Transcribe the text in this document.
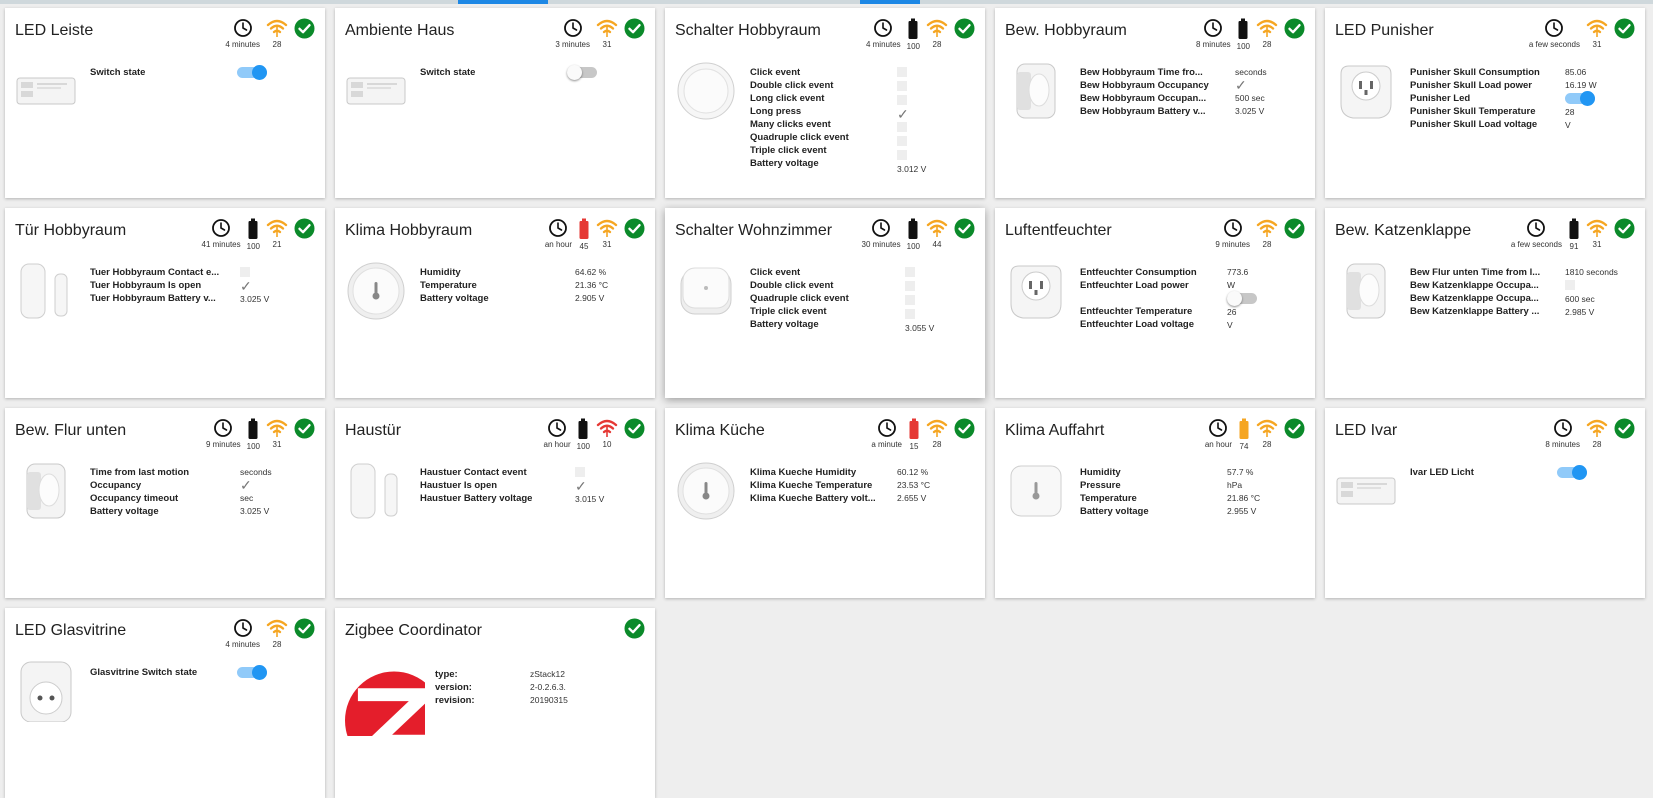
LED Leiste
4 minutes 28
Switch state
Ambiente Haus
3 minutes 31
Switch state
Schalter Hobbyraum
4 minutes 100 28
Click event
Double click event
Long click event
Long press
Many clicks event
Quadruple click event
Triple click event
Battery voltage
✓
3.012 V
Bew. Hobbyraum
8 minutes 100 28
Bew Hobbyraum Time fro...
Bew Hobbyraum Occupancy
Bew Hobbyraum Occupan...
Bew Hobbyraum Battery v...
seconds
✓
500 sec
3.025 V
LED Punisher
a few seconds 31
Punisher Skull Consumption
Punisher Skull Load power
Punisher Led
Punisher Skull Temperature
Punisher Skull Load voltage
85.06
16.19 W
28
V
Tür Hobbyraum
41 minutes 100 21
Tuer Hobbyraum Contact e...
Tuer Hobbyraum Is open
Tuer Hobbyraum Battery v...
✓
3.025 V
Klima Hobbyraum
an hour 45 31
Humidity
Temperature
Battery voltage
64.62 %
21.36 °C
2.905 V
Schalter Wohnzimmer
30 minutes 100 44
Click event
Double click event
Quadruple click event
Triple click event
Battery voltage	3.055 V
Luftentfeuchter
9 minutes 28
Entfeuchter Consumption
Entfeuchter Load power
Entfeuchter Temperature
Entfeuchter Load voltage
773.6
W
26
V
Bew. Katzenklappe
a few seconds 91 31
Bew Flur unten Time from l...
Bew Katzenklappe Occupa...
Bew Katzenklappe Occupa...
Bew Katzenklappe Battery ...
1810 seconds
600 sec
2.985 V
Bew. Flur unten
9 minutes 100 31
Time from last motion
Occupancy
Occupancy timeout
Battery voltage
seconds
✓
sec
3.025 V
Haustür
an hour 100 10
Haustuer Contact event
Haustuer Is open
Haustuer Battery voltage
✓
3.015 V
Klima Küche
a minute 15 28
Klima Kueche Humidity
Klima Kueche Temperature
Klima Kueche Battery volt...
60.12 %
23.53 °C
2.655 V
Klima Auffahrt
an hour 74 28
Humidity
Pressure
Temperature
Battery voltage
57.7 %
hPa
21.86 °C
2.955 V
LED Ivar
8 minutes 28
Ivar LED Licht
LED Glasvitrine
4 minutes 28
Glasvitrine Switch state
Zigbee Coordinator
type:
version:
revision:
zStack12
2-0.2.6.3.
20190315
